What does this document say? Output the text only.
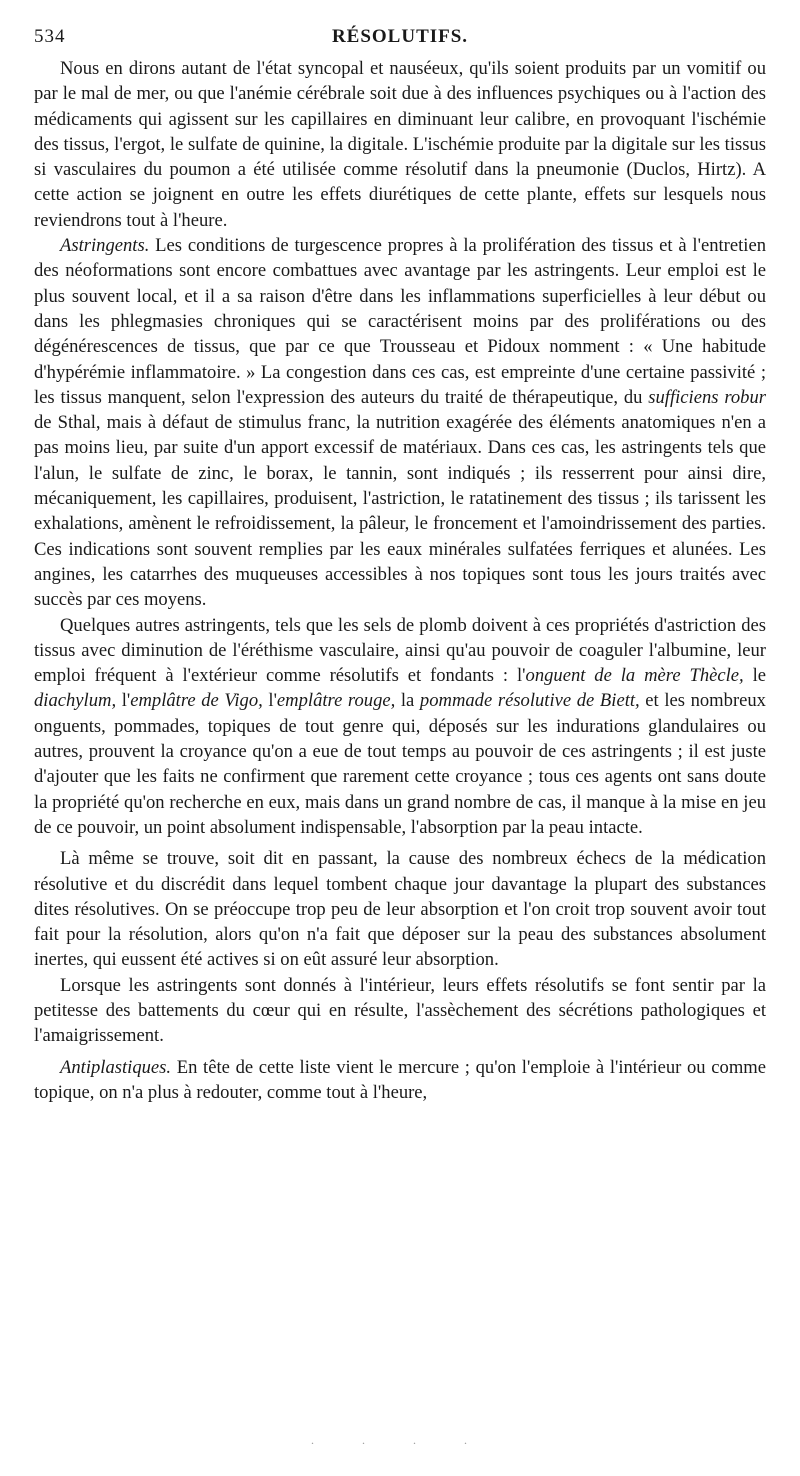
534	RÉSOLUTIFS.

Nous en dirons autant de l'état syncopal et nauséeux, qu'ils soient produits par un vomitif ou par le mal de mer, ou que l'anémie cérébrale soit due à des influences psychiques ou à l'action des médicaments qui agissent sur les capillaires en diminuant leur calibre, en provoquant l'ischémie des tissus, l'ergot, le sulfate de quinine, la digitale. L'ischémie produite par la digitale sur les tissus si vasculaires du poumon a été utilisée comme résolutif dans la pneumonie (Duclos, Hirtz). A cette action se joignent en outre les effets diurétiques de cette plante, effets sur lesquels nous reviendrons tout à l'heure.

Astringents. Les conditions de turgescence propres à la prolifération des tissus et à l'entretien des néoformations sont encore combattues avec avantage par les astringents. Leur emploi est le plus souvent local, et il a sa raison d'être dans les inflammations superficielles à leur début ou dans les phlegmasies chroniques qui se caractérisent moins par des proliférations ou des dégénérescences de tissus, que par ce que Trousseau et Pidoux nomment : « Une habitude d'hypérémie inflammatoire. » La congestion dans ces cas, est empreinte d'une certaine passivité ; les tissus manquent, selon l'expression des auteurs du traité de thérapeutique, du sufficiens robur de Sthal, mais à défaut de stimulus franc, la nutrition exagérée des éléments anatomiques n'en a pas moins lieu, par suite d'un apport excessif de matériaux. Dans ces cas, les astringents tels que l'alun, le sulfate de zinc, le borax, le tannin, sont indiqués ; ils resserrent pour ainsi dire, mécaniquement, les capillaires, produisent, l'astriction, le ratatinement des tissus ; ils tarissent les exhalations, amènent le refroidissement, la pâleur, le froncement et l'amoindrissement des parties. Ces indications sont souvent remplies par les eaux minérales sulfatées ferriques et alunées. Les angines, les catarrhes des muqueuses accessibles à nos topiques sont tous les jours traités avec succès par ces moyens.

Quelques autres astringents, tels que les sels de plomb doivent à ces propriétés d'astriction des tissus avec diminution de l'éréthisme vasculaire, ainsi qu'au pouvoir de coaguler l'albumine, leur emploi fréquent à l'extérieur comme résolutifs et fondants : l'onguent de la mère Thècle, le diachylum, l'emplâtre de Vigo, l'emplâtre rouge, la pommade résolutive de Biett, et les nombreux onguents, pommades, topiques de tout genre qui, déposés sur les indurations glandulaires ou autres, prouvent la croyance qu'on a eue de tout temps au pouvoir de ces astringents ; il est juste d'ajouter que les faits ne confirment que rarement cette croyance ; tous ces agents ont sans doute la propriété qu'on recherche en eux, mais dans un grand nombre de cas, il manque à la mise en jeu de ce pouvoir, un point absolument indispensable, l'absorption par la peau intacte.

Là même se trouve, soit dit en passant, la cause des nombreux échecs de la médication résolutive et du discrédit dans lequel tombent chaque jour davantage la plupart des substances dites résolutives. On se préoccupe trop peu de leur absorption et l'on croit trop souvent avoir tout fait pour la résolution, alors qu'on n'a fait que déposer sur la peau des substances absolument inertes, qui eussent été actives si on eût assuré leur absorption.

Lorsque les astringents sont donnés à l'intérieur, leurs effets résolutifs se font sentir par la petitesse des battements du cœur qui en résulte, l'assèchement des sécrétions pathologiques et l'amaigrissement.

Antiplastiques. En tête de cette liste vient le mercure ; qu'on l'emploie à l'intérieur ou comme topique, on n'a plus à redouter, comme tout à l'heure,

· · · ·
